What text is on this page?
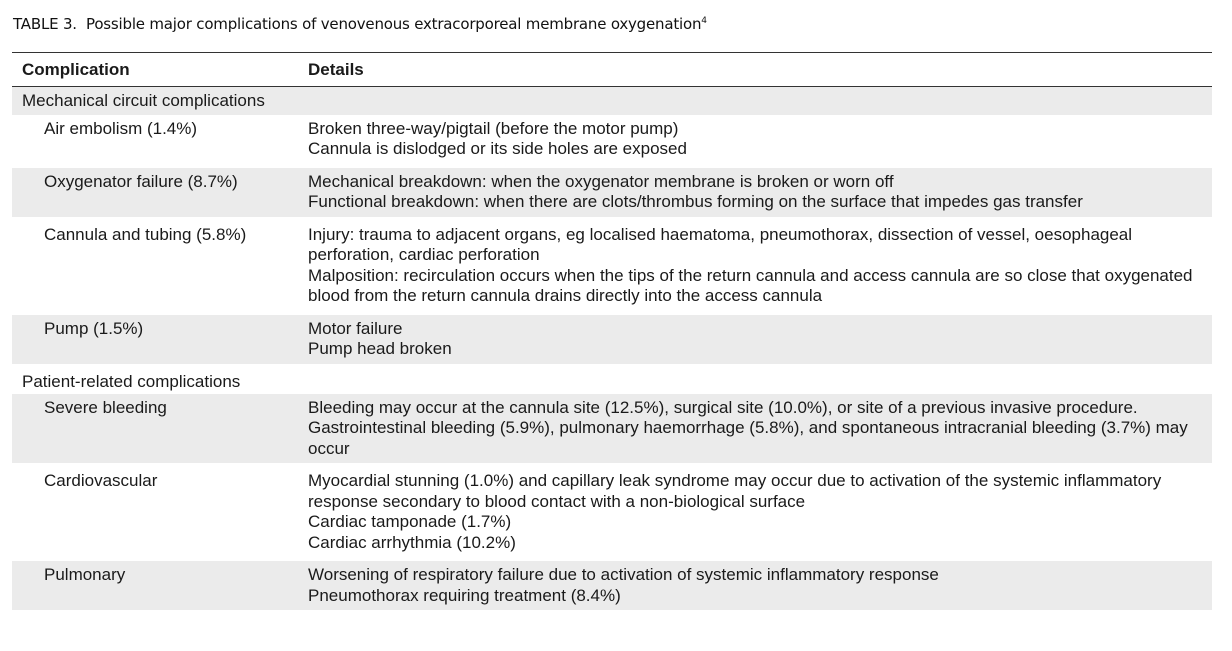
TABLE 3. Possible major complications of venovenous extracorporeal membrane oxygenation$^4$
Complication	Details
Mechanical circuit complications	
Air embolism (1.4%)	Broken three-way/pigtail (before the motor pump)
Cannula is dislodged or its side holes are exposed

Oxygenator failure (8.7%)	Mechanical breakdown: when the oxygenator membrane is broken or worn off
Functional breakdown: when there are clots/thrombus forming on the surface that impedes gas transfer

Cannula and tubing (5.8%)	Injury: trauma to adjacent organs, eg localised haematoma, pneumothorax, dissection of vessel, oesophageal perforation, cardiac perforation
Malposition: recirculation occurs when the tips of the return cannula and access cannula are so close that oxygenated blood from the return cannula drains directly into the access cannula

Pump (1.5%)	Motor failure
Pump head broken

Patient-related complications	
Severe bleeding	Bleeding may occur at the cannula site (12.5%), surgical site (10.0%), or site of a previous invasive procedure.
Gastrointestinal bleeding (5.9%), pulmonary haemorrhage (5.8%), and spontaneous intracranial bleeding (3.7%) may occur

Cardiovascular	Myocardial stunning (1.0%) and capillary leak syndrome may occur due to activation of the systemic inflammatory response secondary to blood contact with a non-biological surface
Cardiac tamponade (1.7%)
Cardiac arrhythmia (10.2%)

Pulmonary	Worsening of respiratory failure due to activation of systemic inflammatory response
Pneumothorax requiring treatment (8.4%)
